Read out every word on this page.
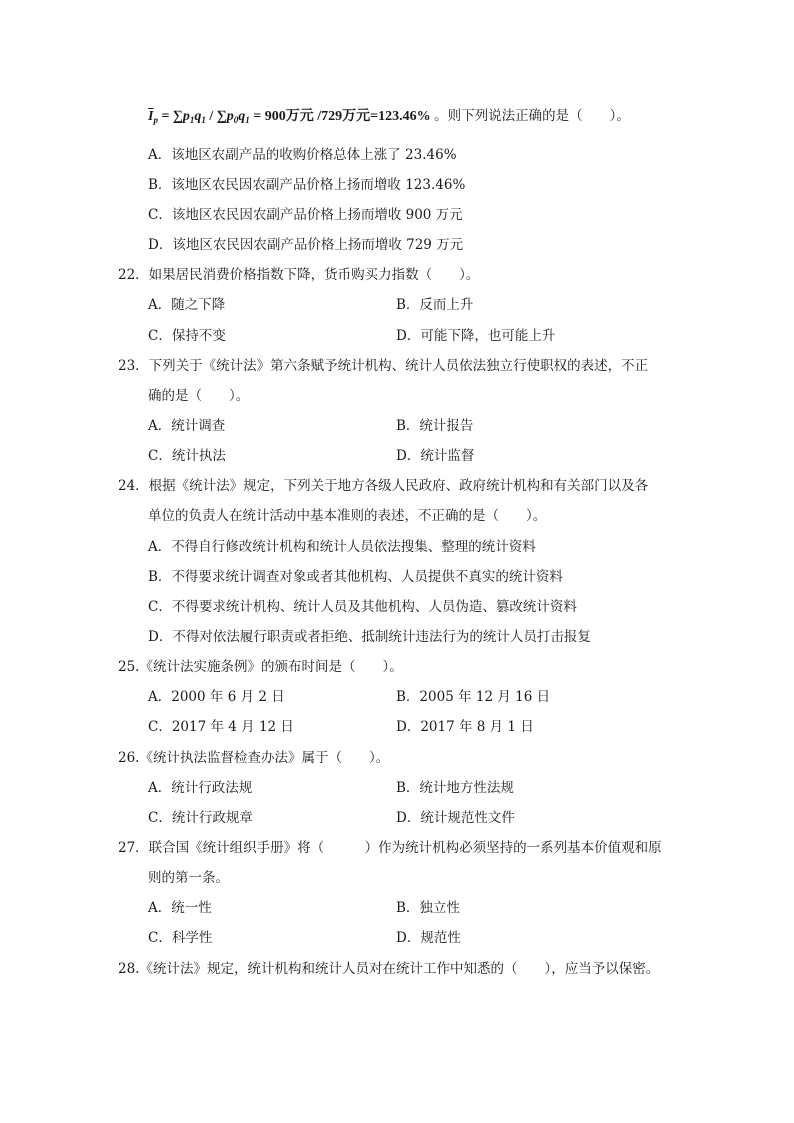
$\overline{I}_p = \sum p_1q_1 / \sum p_0q_1 = 900$万元 /729万元=123.46% 。则下列说法正确的是（　　）。
A．该地区农副产品的收购价格总体上涨了 23.46%
B．该地区农民因农副产品价格上扬而增收 123.46%
C．该地区农民因农副产品价格上扬而增收 900 万元
D．该地区农民因农副产品价格上扬而增收 729 万元
22．如果居民消费价格指数下降，货币购买力指数（　　）。
A．随之下降	B．反而上升
C．保持不变	D．可能下降，也可能上升
23．下列关于《统计法》第六条赋予统计机构、统计人员依法独立行使职权的表述，不正
确的是（　　）。
A．统计调查	B．统计报告
C．统计执法	D．统计监督
24．根据《统计法》规定，下列关于地方各级人民政府、政府统计机构和有关部门以及各
单位的负责人在统计活动中基本准则的表述，不正确的是（　　）。
A．不得自行修改统计机构和统计人员依法搜集、整理的统计资料
B．不得要求统计调查对象或者其他机构、人员提供不真实的统计资料
C．不得要求统计机构、统计人员及其他机构、人员伪造、篡改统计资料
D．不得对依法履行职责或者拒绝、抵制统计违法行为的统计人员打击报复
25.《统计法实施条例》的颁布时间是（　　）。
A．2000 年 6 月 2 日	B．2005 年 12 月 16 日
C．2017 年 4 月 12 日	D．2017 年 8 月 1 日
26.《统计执法监督检查办法》属于（　　）。
A．统计行政法规	B．统计地方性法规
C．统计行政规章	D．统计规范性文件
27．联合国《统计组织手册》将（　　　）作为统计机构必须坚持的一系列基本价值观和原
则的第一条。
A．统一性	B．独立性
C．科学性	D．规范性
28.《统计法》规定，统计机构和统计人员对在统计工作中知悉的（　　），应当予以保密。
